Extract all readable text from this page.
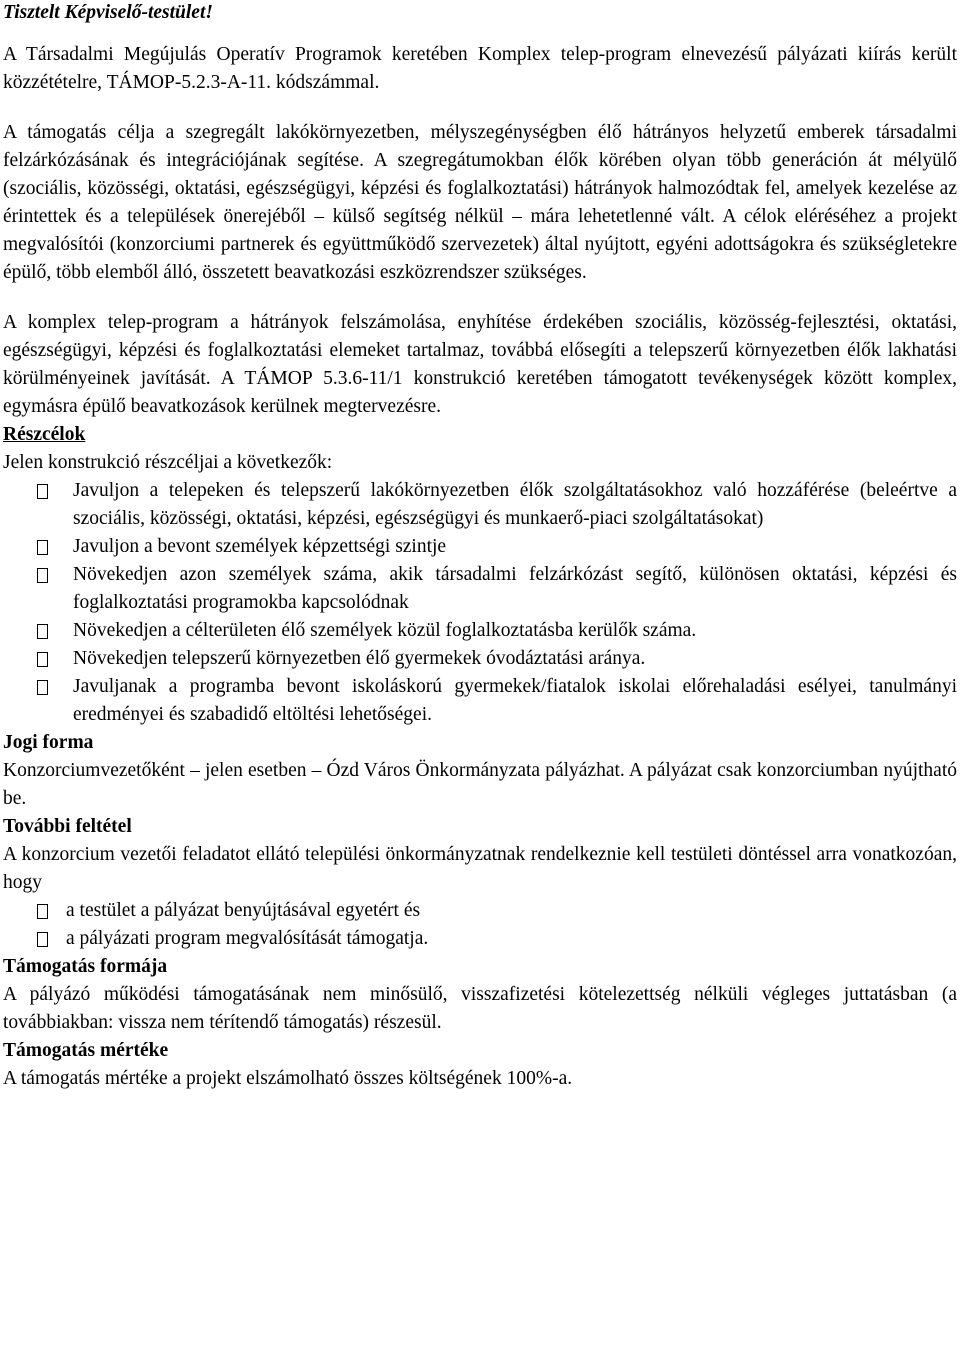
Tisztelt Képviselő-testület!

A Társadalmi Megújulás Operatív Programok keretében Komplex telep-program elnevezésű pályázati kiírás került közzétételre, TÁMOP-5.2.3-A-11. kódszámmal.

A támogatás célja a szegregált lakókörnyezetben, mélyszegénységben élő hátrányos helyzetű emberek társadalmi felzárkózásának és integrációjának segítése. A szegregátumokban élők körében olyan több generáción át mélyülő (szociális, közösségi, oktatási, egészségügyi, képzési és foglalkoztatási) hátrányok halmozódtak fel, amelyek kezelése az érintettek és a települések önerejéből – külső segítség nélkül – mára lehetetlenné vált. A célok eléréséhez a projekt megvalósítói (konzorciumi partnerek és együttműködő szervezetek) által nyújtott, egyéni adottságokra és szükségletekre épülő, több elemből álló, összetett beavatkozási eszközrendszer szükséges.

A komplex telep-program a hátrányok felszámolása, enyhítése érdekében szociális, közösség-fejlesztési, oktatási, egészségügyi, képzési és foglalkoztatási elemeket tartalmaz, továbbá elősegíti a telepszerű környezetben élők lakhatási körülményeinek javítását. A TÁMOP 5.3.6-11/1 konstrukció keretében támogatott tevékenységek között komplex, egymásra épülő beavatkozások kerülnek megtervezésre.

Részcélok

Jelen konstrukció részcéljai a következők:

Javuljon a telepeken és telepszerű lakókörnyezetben élők szolgáltatásokhoz való hozzáférése (beleértve a szociális, közösségi, oktatási, képzési, egészségügyi és munkaerő-piaci szolgáltatásokat)
Javuljon a bevont személyek képzettségi szintje
Növekedjen azon személyek száma, akik társadalmi felzárkózást segítő, különösen oktatási, képzési és foglalkoztatási programokba kapcsolódnak
Növekedjen a célterületen élő személyek közül foglalkoztatásba kerülők száma.
Növekedjen telepszerű környezetben élő gyermekek óvodáztatási aránya.
Javuljanak a programba bevont iskoláskorú gyermekek/fiatalok iskolai előrehaladási esélyei, tanulmányi eredményei és szabadidő eltöltési lehetőségei.

Jogi forma

Konzorciumvezetőként – jelen esetben – Ózd Város Önkormányzata pályázhat. A pályázat csak konzorciumban nyújtható be.

További feltétel

A konzorcium vezetői feladatot ellátó települési önkormányzatnak rendelkeznie kell testületi döntéssel arra vonatkozóan, hogy

a testület a pályázat benyújtásával egyetért és
a pályázati program megvalósítását támogatja.

Támogatás formája

A pályázó működési támogatásának nem minősülő, visszafizetési kötelezettség nélküli végleges juttatásban (a továbbiakban: vissza nem térítendő támogatás) részesül.

Támogatás mértéke

A támogatás mértéke a projekt elszámolható összes költségének 100%-a.
